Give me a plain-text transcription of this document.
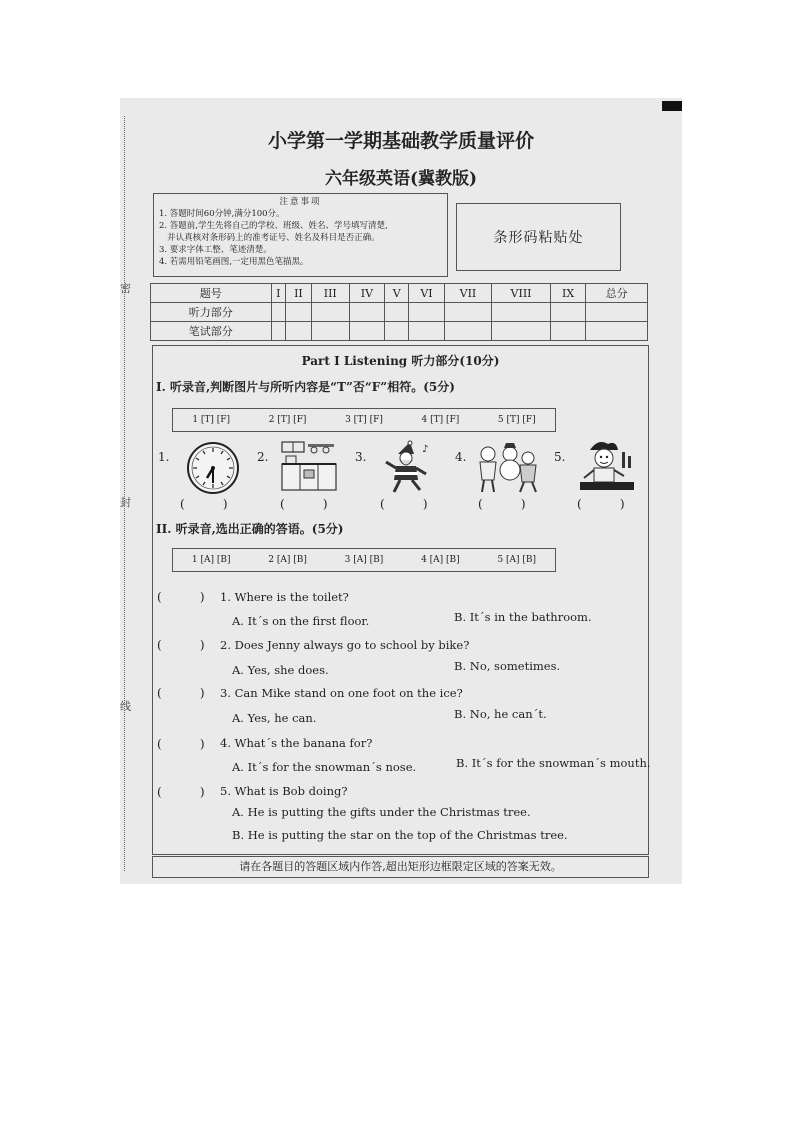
密
封
线
小学第一学期基础教学质量评价
六年级英语(冀教版)
注意事项
1. 答题时间60分钟,满分100分。
2. 答题前,学生先将自己的学校、班级、姓名、学号填写清楚,
并认真核对条形码上的准考证号、姓名及科目是否正确。
3. 要求字体工整、笔迹清楚。
4. 若需用铅笔画图,一定用黑色笔描黑。
条形码粘贴处
题号	I	II	III	IV	V	VI	VII	VIII	IX	总分
听力部分										
笔试部分										
Part I Listening 听力部分(10分)
I. 听录音,判断图片与所听内容是“T”否“F”相符。(5分)
1 [T] [F]	2 [T] [F]	3 [T] [F]	4 [T] [F]	5 [T] [F]
1.	2.	3.	4.	5.
♪
(          )	(          )	(          )	(          )	(          )
II. 听录音,选出正确的答语。(5分)
1 [A] [B]	2 [A] [B]	3 [A] [B]	4 [A] [B]	5 [A] [B]
(          ) 1. Where is the toilet?
A. It´s on the first floor.	B. It´s in the bathroom.
(          ) 2. Does Jenny always go to school by bike?
A. Yes, she does.	B. No, sometimes.
(          ) 3. Can Mike stand on one foot on the ice?
A. Yes, he can.	B. No, he can´t.
(          ) 4. What´s the banana for?
A. It´s for the snowman´s nose.	B. It´s for the snowman´s mouth.
(          ) 5. What is Bob doing?
A. He is putting the gifts under the Christmas tree.
B. He is putting the star on the top of the Christmas tree.
请在各题目的答题区域内作答,超出矩形边框限定区域的答案无效。
